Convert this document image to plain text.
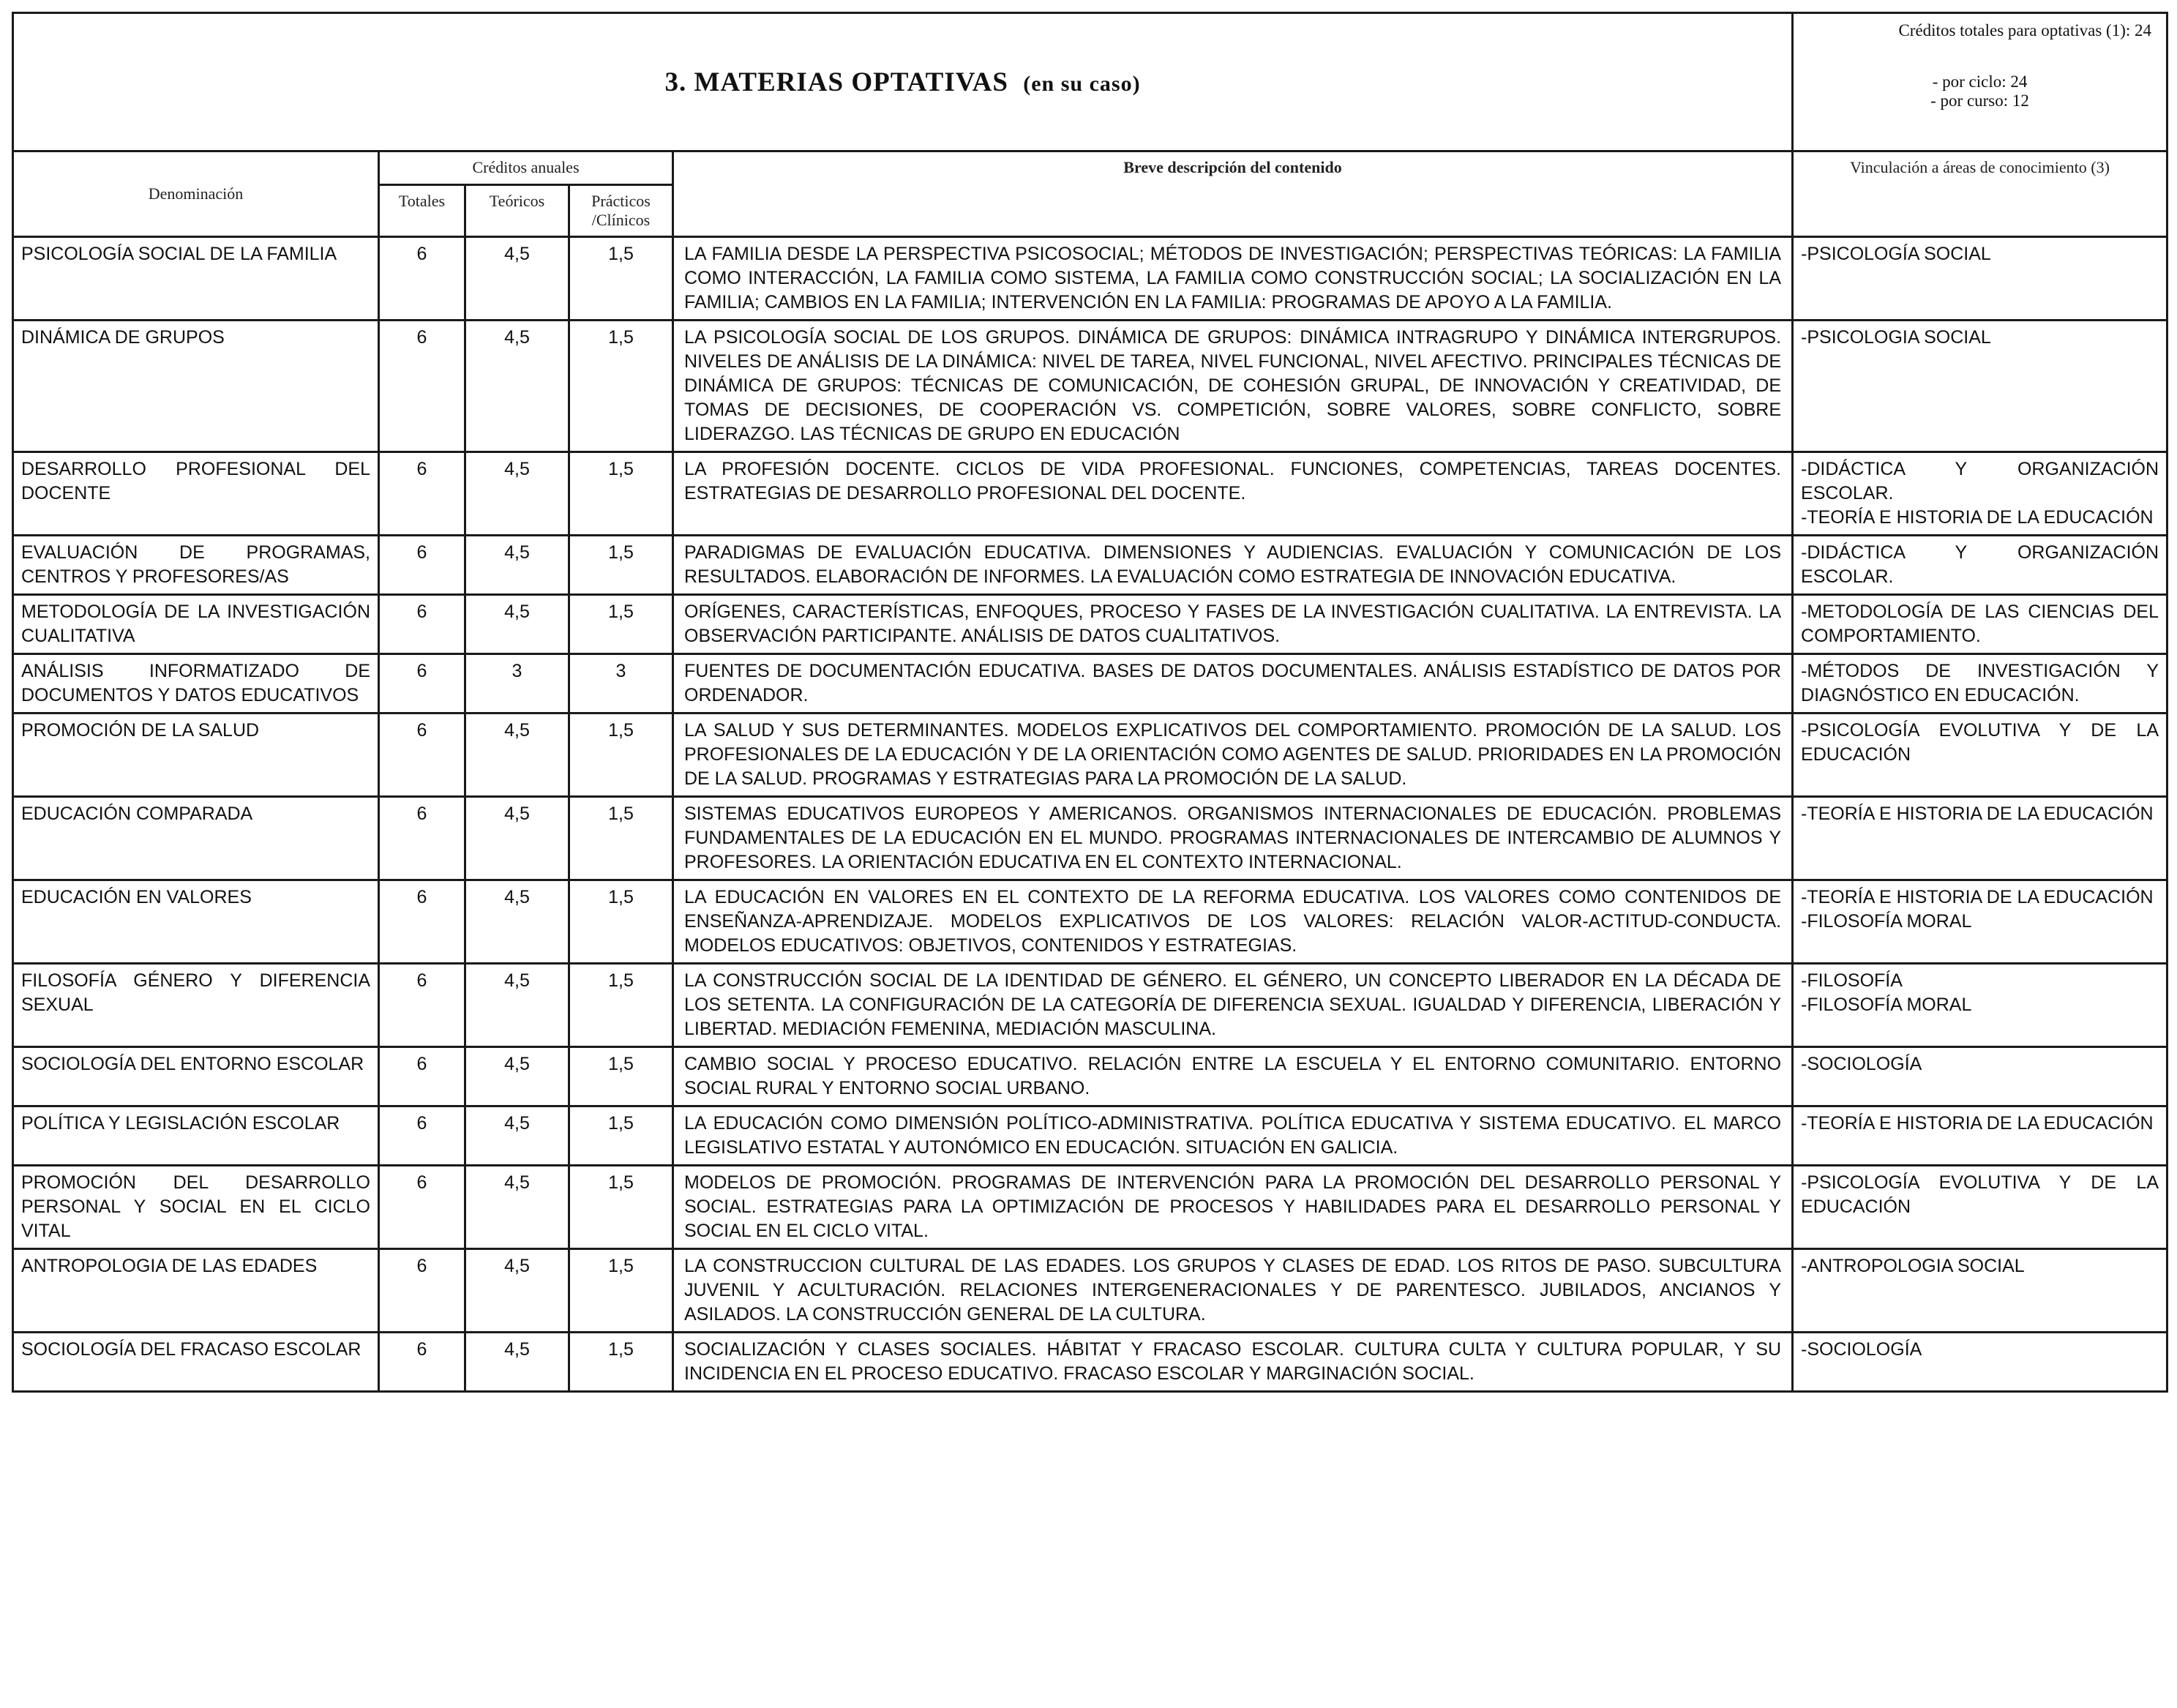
3. MATERIAS OPTATIVAS (en su caso)					Créditos totales para optativas (1): 24
- por ciclo: 24
- por curso: 12

Denominación	Créditos anuales			Breve descripción del contenido	Vinculación a áreas de conocimiento (3)
	Totales	Teóricos	Prácticos /Clínicos		
PSICOLOGÍA SOCIAL DE LA FAMILIA	6	4,5	1,5	LA FAMILIA DESDE LA PERSPECTIVA PSICOSOCIAL; MÉTODOS DE INVESTIGACIÓN; PERSPECTIVAS TEÓRICAS: LA FAMILIA COMO INTERACCIÓN, LA FAMILIA COMO SISTEMA, LA FAMILIA COMO CONSTRUCCIÓN SOCIAL; LA SOCIALIZACIÓN EN LA FAMILIA; CAMBIOS EN LA FAMILIA; INTERVENCIÓN EN LA FAMILIA: PROGRAMAS DE APOYO A LA FAMILIA.	-PSICOLOGÍA SOCIAL

DINÁMICA DE GRUPOS	6	4,5	1,5	LA PSICOLOGÍA SOCIAL DE LOS GRUPOS. DINÁMICA DE GRUPOS: DINÁMICA INTRAGRUPO Y DINÁMICA INTERGRUPOS. NIVELES DE ANÁLISIS DE LA DINÁMICA: NIVEL DE TAREA, NIVEL FUNCIONAL, NIVEL AFECTIVO. PRINCIPALES TÉCNICAS DE DINÁMICA DE GRUPOS: TÉCNICAS DE COMUNICACIÓN, DE COHESIÓN GRUPAL, DE INNOVACIÓN Y CREATIVIDAD, DE TOMAS DE DECISIONES, DE COOPERACIÓN VS. COMPETICIÓN, SOBRE VALORES, SOBRE CONFLICTO, SOBRE LIDERAZGO. LAS TÉCNICAS DE GRUPO EN EDUCACIÓN	-PSICOLOGIA SOCIAL

DESARROLLO PROFESIONAL DEL DOCENTE	6	4,5	1,5	LA PROFESIÓN DOCENTE. CICLOS DE VIDA PROFESIONAL. FUNCIONES, COMPETENCIAS, TAREAS DOCENTES. ESTRATEGIAS DE DESARROLLO PROFESIONAL DEL DOCENTE.	-DIDÁCTICA Y ORGANIZACIÓN ESCOLAR.
-TEORÍA E HISTORIA DE LA EDUCACIÓN

EVALUACIÓN DE PROGRAMAS, CENTROS Y PROFESORES/AS	6	4,5	1,5	PARADIGMAS DE EVALUACIÓN EDUCATIVA. DIMENSIONES Y AUDIENCIAS. EVALUACIÓN Y COMUNICACIÓN DE LOS RESULTADOS. ELABORACIÓN DE INFORMES. LA EVALUACIÓN COMO ESTRATEGIA DE INNOVACIÓN EDUCATIVA.	-DIDÁCTICA Y ORGANIZACIÓN ESCOLAR.

METODOLOGÍA DE LA INVESTIGACIÓN CUALITATIVA	6	4,5	1,5	ORÍGENES, CARACTERÍSTICAS, ENFOQUES, PROCESO Y FASES DE LA INVESTIGACIÓN CUALITATIVA. LA ENTREVISTA. LA OBSERVACIÓN PARTICIPANTE. ANÁLISIS DE DATOS CUALITATIVOS.	-METODOLOGÍA DE LAS CIENCIAS DEL COMPORTAMIENTO.

ANÁLISIS INFORMATIZADO DE DOCUMENTOS Y DATOS EDUCATIVOS	6	3	3	FUENTES DE DOCUMENTACIÓN EDUCATIVA. BASES DE DATOS DOCUMENTALES. ANÁLISIS ESTADÍSTICO DE DATOS POR ORDENADOR.	-MÉTODOS DE INVESTIGACIÓN Y DIAGNÓSTICO EN EDUCACIÓN.

PROMOCIÓN DE LA SALUD	6	4,5	1,5	LA SALUD Y SUS DETERMINANTES. MODELOS EXPLICATIVOS DEL COMPORTAMIENTO. PROMOCIÓN DE LA SALUD. LOS PROFESIONALES DE LA EDUCACIÓN Y DE LA ORIENTACIÓN COMO AGENTES DE SALUD. PRIORIDADES EN LA PROMOCIÓN DE LA SALUD. PROGRAMAS Y ESTRATEGIAS PARA LA PROMOCIÓN DE LA SALUD.	-PSICOLOGÍA EVOLUTIVA Y DE LA EDUCACIÓN

EDUCACIÓN COMPARADA	6	4,5	1,5	SISTEMAS EDUCATIVOS EUROPEOS Y AMERICANOS. ORGANISMOS INTERNACIONALES DE EDUCACIÓN. PROBLEMAS FUNDAMENTALES DE LA EDUCACIÓN EN EL MUNDO. PROGRAMAS INTERNACIONALES DE INTERCAMBIO DE ALUMNOS Y PROFESORES. LA ORIENTACIÓN EDUCATIVA EN EL CONTEXTO INTERNACIONAL.	-TEORÍA E HISTORIA DE LA EDUCACIÓN

EDUCACIÓN EN VALORES	6	4,5	1,5	LA EDUCACIÓN EN VALORES EN EL CONTEXTO DE LA REFORMA EDUCATIVA. LOS VALORES COMO CONTENIDOS DE ENSEÑANZA-APRENDIZAJE. MODELOS EXPLICATIVOS DE LOS VALORES: RELACIÓN VALOR-ACTITUD-CONDUCTA. MODELOS EDUCATIVOS: OBJETIVOS, CONTENIDOS Y ESTRATEGIAS.	-TEORÍA E HISTORIA DE LA EDUCACIÓN
-FILOSOFÍA MORAL

FILOSOFÍA GÉNERO Y DIFERENCIA SEXUAL	6	4,5	1,5	LA CONSTRUCCIÓN SOCIAL DE LA IDENTIDAD DE GÉNERO. EL GÉNERO, UN CONCEPTO LIBERADOR EN LA DÉCADA DE LOS SETENTA. LA CONFIGURACIÓN DE LA CATEGORÍA DE DIFERENCIA SEXUAL. IGUALDAD Y DIFERENCIA, LIBERACIÓN Y LIBERTAD. MEDIACIÓN FEMENINA, MEDIACIÓN MASCULINA.	-FILOSOFÍA
-FILOSOFÍA MORAL

SOCIOLOGÍA DEL ENTORNO ESCOLAR	6	4,5	1,5	CAMBIO SOCIAL Y PROCESO EDUCATIVO. RELACIÓN ENTRE LA ESCUELA Y EL ENTORNO COMUNITARIO. ENTORNO SOCIAL RURAL Y ENTORNO SOCIAL URBANO.	-SOCIOLOGÍA

POLÍTICA Y LEGISLACIÓN ESCOLAR	6	4,5	1,5	LA EDUCACIÓN COMO DIMENSIÓN POLÍTICO-ADMINISTRATIVA. POLÍTICA EDUCATIVA Y SISTEMA EDUCATIVO. EL MARCO LEGISLATIVO ESTATAL Y AUTONÓMICO EN EDUCACIÓN. SITUACIÓN EN GALICIA.	-TEORÍA E HISTORIA DE LA EDUCACIÓN

PROMOCIÓN DEL DESARROLLO PERSONAL Y SOCIAL EN EL CICLO VITAL	6	4,5	1,5	MODELOS DE PROMOCIÓN. PROGRAMAS DE INTERVENCIÓN PARA LA PROMOCIÓN DEL DESARROLLO PERSONAL Y SOCIAL. ESTRATEGIAS PARA LA OPTIMIZACIÓN DE PROCESOS Y HABILIDADES PARA EL DESARROLLO PERSONAL Y SOCIAL EN EL CICLO VITAL.	-PSICOLOGÍA EVOLUTIVA Y DE LA EDUCACIÓN

ANTROPOLOGIA DE LAS EDADES	6	4,5	1,5	LA CONSTRUCCION CULTURAL DE LAS EDADES. LOS GRUPOS Y CLASES DE EDAD. LOS RITOS DE PASO. SUBCULTURA JUVENIL Y ACULTURACIÓN. RELACIONES INTERGENERACIONALES Y DE PARENTESCO. JUBILADOS, ANCIANOS Y ASILADOS. LA CONSTRUCCIÓN GENERAL DE LA CULTURA.	-ANTROPOLOGIA SOCIAL

SOCIOLOGÍA DEL FRACASO ESCOLAR	6	4,5	1,5	SOCIALIZACIÓN Y CLASES SOCIALES. HÁBITAT Y FRACASO ESCOLAR. CULTURA CULTA Y CULTURA POPULAR, Y SU INCIDENCIA EN EL PROCESO EDUCATIVO. FRACASO ESCOLAR Y MARGINACIÓN SOCIAL.	-SOCIOLOGÍA
